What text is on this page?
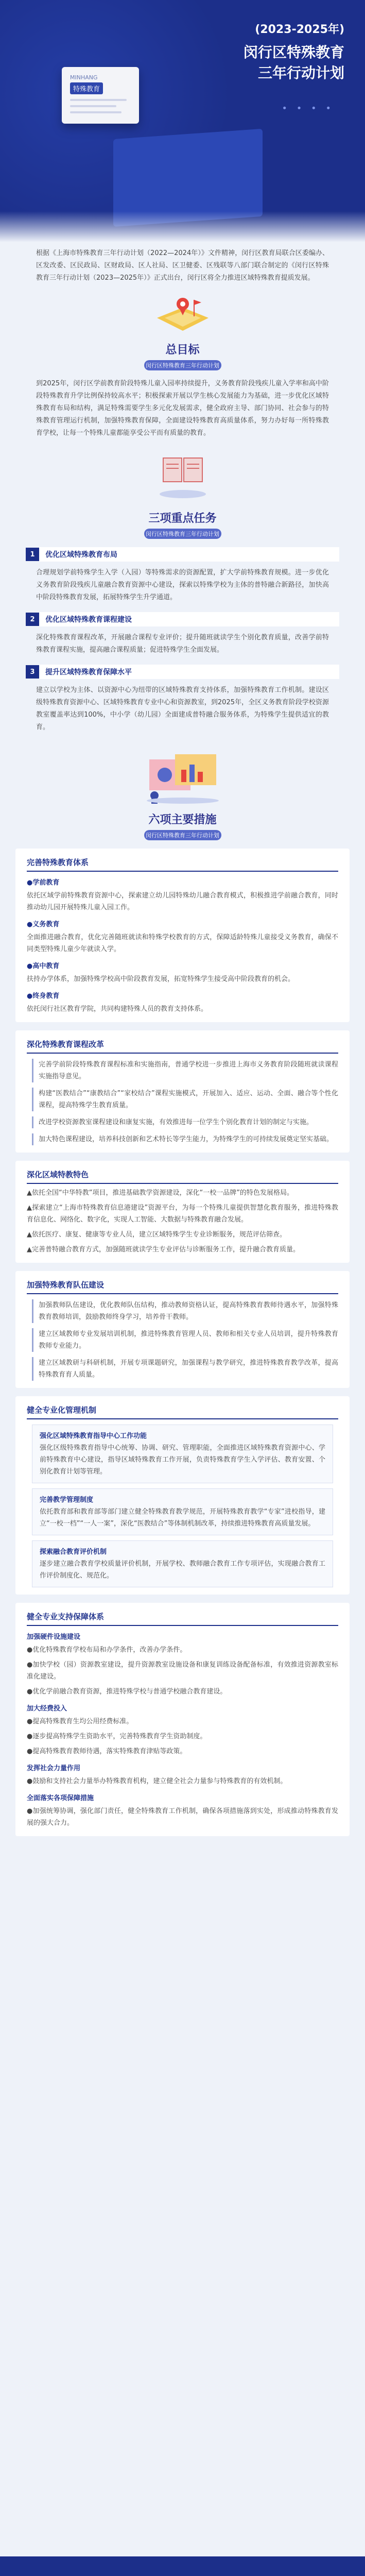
(2023-2025年)
闵行区特殊教育
三年行动计划
MINHANG
特殊教育
• • • •
根据《上海市特殊教育三年行动计划（2022—2024年）》文件精神，闵行区教育局联合区委编办、区发改委、区民政局、区财政局、区人社局、区卫健委、区残联等八部门联合制定的《闵行区特殊教育三年行动计划（2023—2025年）》正式出台，闵行区将全力推进区域特殊教育提质发展。
总目标
闵行区特殊教育三年行动计划
到2025年，闵行区学前教育阶段特殊儿童入园率持续提升，义务教育阶段残疾儿童入学率和高中阶段特殊教育升学比例保持较高水平；积极探索开展以学生核心发展能力为基础，进一步优化区域特殊教育布局和结构，满足特殊需要学生多元化发展需求，健全政府主导、部门协同、社会参与的特殊教育管理运行机制，加强特殊教育保障，全面建设特殊教育高质量体系，努力办好每一所特殊教育学校，让每一个特殊儿童都能享受公平而有质量的教育。
三项重点任务
闵行区特殊教育三年行动计划
1	优化区域特殊教育布局
合理规划学前特殊学生入学（入园）等特殊需求的资源配置，扩大学前特殊教育规模。进一步优化义务教育阶段残疾儿童融合教育资源中心建设，探索以特殊学校为主体的普特融合新路径，加快高中阶段特殊教育发展，拓展特殊学生升学通道。
2	优化区域特殊教育课程建设
深化特殊教育课程改革，开展融合课程专业评价；提升随班就读学生个别化教育质量，改善学前特殊教育课程实施，提高融合课程质量；促进特殊学生全面发展。
3	提升区域特殊教育保障水平
建立以学校为主体、以资源中心为纽带的区域特殊教育支持体系，加强特殊教育工作机制。建设区级特殊教育资源中心、区域特殊教育专业中心和资源教室，到2025年，全区义务教育阶段学校资源教室覆盖率达到100%，中小学（幼儿园）全面建成普特融合服务体系，为特殊学生提供适宜的教育。
六项主要措施
闵行区特殊教育三年行动计划
完善特殊教育体系
●学前教育
依托区域学前特殊教育资源中心，探索建立幼儿园特殊幼儿融合教育模式，积极推进学前融合教育，同时推动幼儿园开展特殊儿童入园工作。
●义务教育
全面推进融合教育，优化完善随班就读和特殊学校教育的方式，保障适龄特殊儿童接受义务教育，确保不同类型特殊儿童少年就读入学。
●高中教育
扶持办学体系，加强特殊学校高中阶段教育发展，拓宽特殊学生接受高中阶段教育的机会。
●终身教育
依托闵行社区教育学院，共同构建特殊人员的教育支持体系。
深化特殊教育课程改革
完善学前阶段特殊教育课程标准和实施指南，普通学校进一步推进上海市义务教育阶段随班就读课程实施指导意见。
构建“医教结合”“康教结合”“家校结合”课程实施模式，开展加入、适应、运动、全面、融合等个性化课程，提高特殊学生教育质量。
改进学校资源教室课程建设和康复实施，有效推进每一位学生个别化教育计划的制定与实施。
加大特色课程建设，培养科技创新和艺术特长等学生能力，为特殊学生的可持续发展奠定坚实基础。
深化区域特教特色
▲依托全国“中华特教”项目，推进基础教学资源建设，深化“一校一品牌”的特色发展格局。
▲探索建立“上海市特殊教育信息港建设”资源平台，为每一个特殊儿童提供智慧化教育服务，推进特殊教育信息化、网络化、数字化，实现人工智能、大数据与特殊教育融合发展。
▲依托医疗、康复、健康等专业人员，建立区域特殊学生专业诊断服务，规范评估筛查。
▲完善普特融合教育方式，加强随班就读学生专业评估与诊断服务工作，提升融合教育质量。
加强特殊教育队伍建设
加强教师队伍建设，优化教师队伍结构，推动教师资格认证，提高特殊教育教师待遇水平，加强特殊教育教师培训，鼓励教师终身学习，培养骨干教师。
建立区域教师专业发展培训机制，推进特殊教育管理人员、教师和相关专业人员培训，提升特殊教育教师专业能力。
建立区域教研与科研机制，开展专项课题研究，加强课程与教学研究，推进特殊教育教学改革，提高特殊教育育人质量。
健全专业化管理机制
强化区域特殊教育指导中心工作功能
强化区级特殊教育指导中心统筹、协调、研究、管理职能，全面推进区域特殊教育资源中心、学前特殊教育中心建设，指导区域特殊教育工作开展，负责特殊教育学生入学评估、教育安置、个别化教育计划等管理。
完善教学管理制度
依托教育部和教育部等部门建立健全特殊教育教学规范，开展特殊教育教学“专家”进校指导，建立“一校一档”“一人一案”，深化“医教结合”等体制机制改革，持续推进特殊教育高质量发展。
探索融合教育评价机制
逐步建立融合教育学校质量评价机制，开展学校、教师融合教育工作专项评估，实现融合教育工作评价制度化、规范化。
健全专业支持保障体系
加强硬件设施建设
●优化特殊教育学校布局和办学条件，改善办学条件。
●加快学校（园）资源教室建设，提升资源教室设施设备和康复训练设备配备标准，有效推进资源教室标准化建设。
●优化学前融合教育资源，推进特殊学校与普通学校融合教育建设。
加大经费投入
●提高特殊教育生均公用经费标准。
●逐步提高特殊学生资助水平，完善特殊教育学生资助制度。
●提高特殊教育教师待遇，落实特殊教育津贴等政策。
发挥社会力量作用
●鼓励和支持社会力量举办特殊教育机构，建立健全社会力量参与特殊教育的有效机制。
全面落实各项保障措施
●加强统筹协调，强化部门责任，健全特殊教育工作机制，确保各项措施落到实处，形成推动特殊教育发展的强大合力。
